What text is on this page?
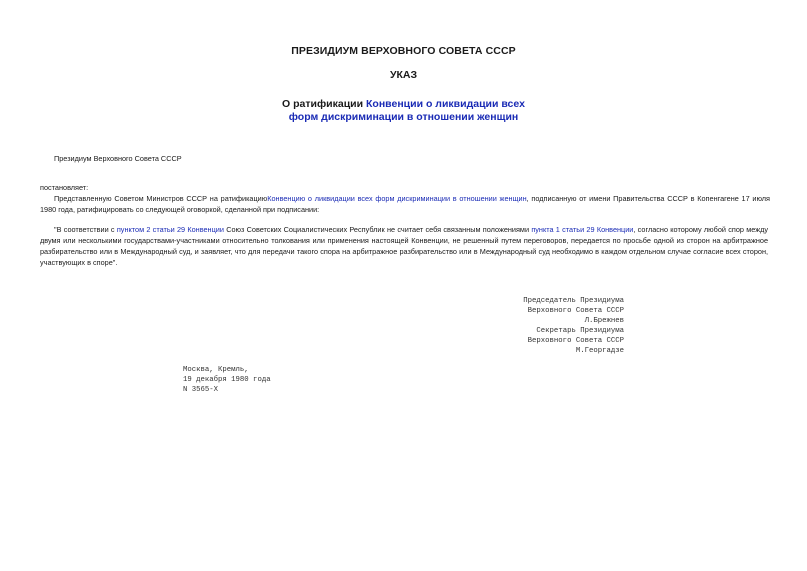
ПРЕЗИДИУМ ВЕРХОВНОГО СОВЕТА СССР
УКАЗ
О ратификации Конвенции о ликвидации всех
форм дискриминации в отношении женщин
Президиум Верховного Совета СССР
постановляет:
Представленную Советом Министров СССР на ратификациюКонвенцию о ликвидации всех форм дискриминации в отношении женщин, подписанную от имени Правительства СССР в Копенгагене 17 июля 1980 года, ратифицировать со следующей оговоркой, сделанной при подписании:
"В соответствии с пунктом 2 статьи 29 Конвенции Союз Советских Социалистических Республик не считает себя связанным положениями пункта 1 статьи 29 Конвенции, согласно которому любой спор между двумя или несколькими государствами-участниками относительно толкования или применения настоящей Конвенции, не решенный путем переговоров, передается по просьбе одной из сторон на арбитражное разбирательство или в Международный суд, и заявляет, что для передачи такого спора на арбитражное разбирательство или в Международный суд необходимо в каждом отдельном случае согласие всех сторон, участвующих в споре".
Председатель Президиума
Верховного Совета СССР
Л.Брежнев
Секретарь Президиума
Верховного Совета СССР
М.Георгадзе
Москва, Кремль,
19 декабря 1980 года
N 3565-X
